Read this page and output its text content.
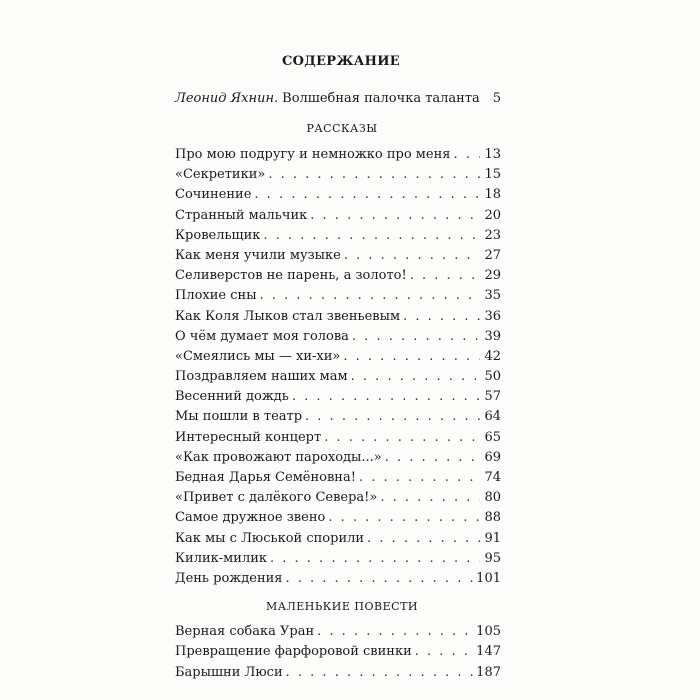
СОДЕРЖАНИЕ
Леонид Яхнин. Волшебная палочка таланта 5
РАССКАЗЫ
Про мою подругу и немножко про меня . . .	13
«Секретики» . . .	15
Сочинение . . .	18
Странный мальчик . . .	20
Кровельщик . . .	23
Как меня учили музыке . . .	27
Селиверстов не парень, а золото! . . .	29
Плохие сны . . .	35
Как Коля Лыков стал звеньевым . . .	36
О чём думает моя голова . . .	39
«Смеялись мы — хи-хи» . . .	42
Поздравляем наших мам . . .	50
Весенний дождь . . .	57
Мы пошли в театр . . .	64
Интересный концерт . . .	65
«Как провожают пароходы...» . . .	69
Бедная Дарья Семёновна! . . .	74
«Привет с далёкого Севера!» . . .	80
Самое дружное звено . . .	88
Как мы с Люськой спорили . . .	91
Килик-милик . . .	95
День рождения . . .	101
МАЛЕНЬКИЕ ПОВЕСТИ
Верная собака Уран . . .	105
Превращение фарфоровой свинки . . .	147
Барышни Люси . . .	187
